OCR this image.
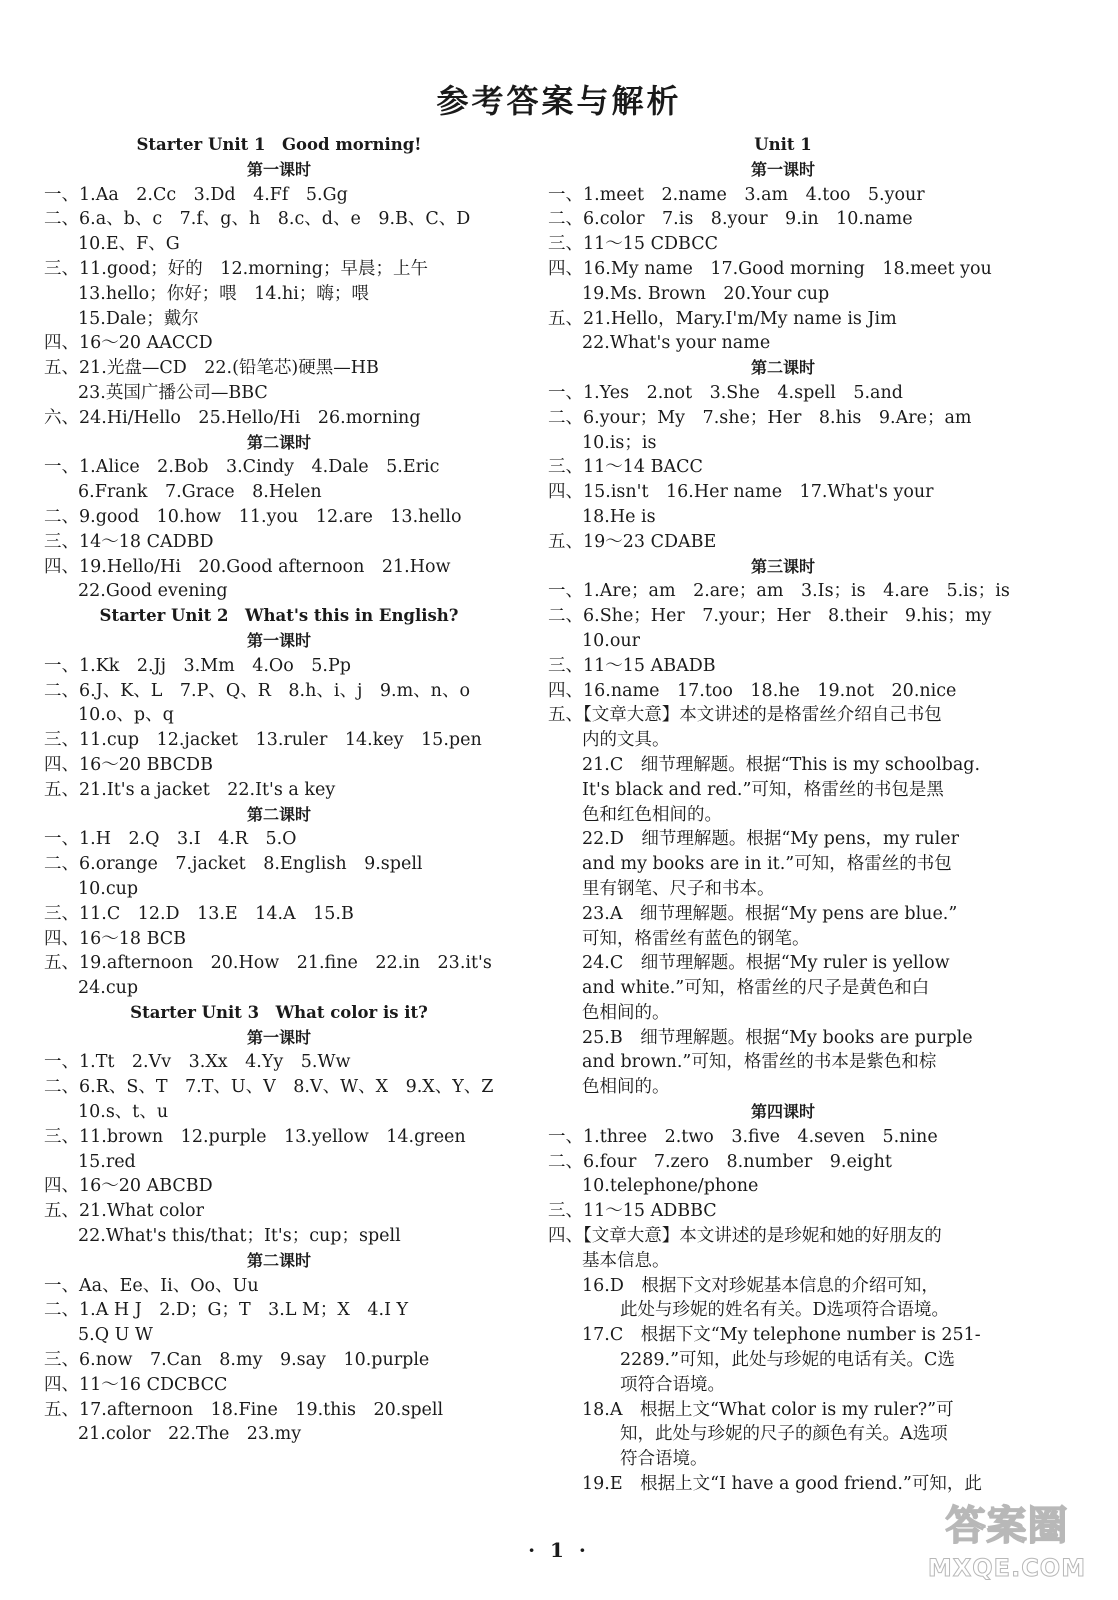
参考答案与解析
Starter Unit 1　Good morning!
第一课时
一、1.Aa　2.Cc　3.Dd　4.Ff　5.Gg
二、6.a、b、c　7.f、g、h　8.c、d、e　9.B、C、D
10.E、F、G
三、11.good；好的　12.morning；早晨；上午
13.hello；你好；喂　14.hi；嗨；喂
15.Dale；戴尔
四、16～20 AACCD
五、21.光盘—CD　22.(铅笔芯)硬黑—HB
23.英国广播公司—BBC
六、24.Hi/Hello　25.Hello/Hi　26.morning
第二课时
一、1.Alice　2.Bob　3.Cindy　4.Dale　5.Eric
6.Frank　7.Grace　8.Helen
二、9.good　10.how　11.you　12.are　13.hello
三、14～18 CADBD
四、19.Hello/Hi　20.Good afternoon　21.How
22.Good evening
Starter Unit 2　What's this in English?
第一课时
一、1.Kk　2.Jj　3.Mm　4.Oo　5.Pp
二、6.J、K、L　7.P、Q、R　8.h、i、j　9.m、n、o
10.o、p、q
三、11.cup　12.jacket　13.ruler　14.key　15.pen
四、16～20 BBCDB
五、21.It's a jacket　22.It's a key
第二课时
一、1.H　2.Q　3.I　4.R　5.O
二、6.orange　7.jacket　8.English　9.spell
10.cup
三、11.C　12.D　13.E　14.A　15.B
四、16～18 BCB
五、19.afternoon　20.How　21.fine　22.in　23.it's
24.cup
Starter Unit 3　What color is it?
第一课时
一、1.Tt　2.Vv　3.Xx　4.Yy　5.Ww
二、6.R、S、T　7.T、U、V　8.V、W、X　9.X、Y、Z
10.s、t、u
三、11.brown　12.purple　13.yellow　14.green
15.red
四、16～20 ABCBD
五、21.What color
22.What's this/that；It's；cup；spell
第二课时
一、Aa、Ee、Ii、Oo、Uu
二、1.A H J　2.D；G；T　3.L M；X　4.I Y
5.Q U W
三、6.now　7.Can　8.my　9.say　10.purple
四、11～16 CDCBCC
五、17.afternoon　18.Fine　19.this　20.spell
21.color　22.The　23.my
Unit 1
第一课时
一、1.meet　2.name　3.am　4.too　5.your
二、6.color　7.is　8.your　9.in　10.name
三、11～15 CDBCC
四、16.My name　17.Good morning　18.meet you
19.Ms. Brown　20.Your cup
五、21.Hello，Mary.I'm/My name is Jim
22.What's your name
第二课时
一、1.Yes　2.not　3.She　4.spell　5.and
二、6.your；My　7.she；Her　8.his　9.Are；am
10.is；is
三、11～14 BACC
四、15.isn't　16.Her name　17.What's your
18.He is
五、19～23 CDABE
第三课时
一、1.Are；am　2.are；am　3.Is；is　4.are　5.is；is
二、6.She；Her　7.your；Her　8.their　9.his；my
10.our
三、11～15 ABADB
四、16.name　17.too　18.he　19.not　20.nice
五、【文章大意】本文讲述的是格雷丝介绍自己书包
内的文具。
21.C　细节理解题。根据“This is my schoolbag.
It's black and red.”可知，格雷丝的书包是黑
色和红色相间的。
22.D　细节理解题。根据“My pens，my ruler
and my books are in it.”可知，格雷丝的书包
里有钢笔、尺子和书本。
23.A　细节理解题。根据“My pens are blue.”
可知，格雷丝有蓝色的钢笔。
24.C　细节理解题。根据“My ruler is yellow
and white.”可知，格雷丝的尺子是黄色和白
色相间的。
25.B　细节理解题。根据“My books are purple
and brown.”可知，格雷丝的书本是紫色和棕
色相间的。
第四课时
一、1.three　2.two　3.five　4.seven　5.nine
二、6.four　7.zero　8.number　9.eight
10.telephone/phone
三、11～15 ADBBC
四、【文章大意】本文讲述的是珍妮和她的好朋友的
基本信息。
16.D　根据下文对珍妮基本信息的介绍可知，
此处与珍妮的姓名有关。D选项符合语境。
17.C　根据下文“My telephone number is 251-
2289.”可知，此处与珍妮的电话有关。C选
项符合语境。
18.A　根据上文“What color is my ruler?”可
知，此处与珍妮的尺子的颜色有关。A选项
符合语境。
19.E　根据上文“I have a good friend.”可知，此
· 1 ·
答案圈
MXQE.COM
